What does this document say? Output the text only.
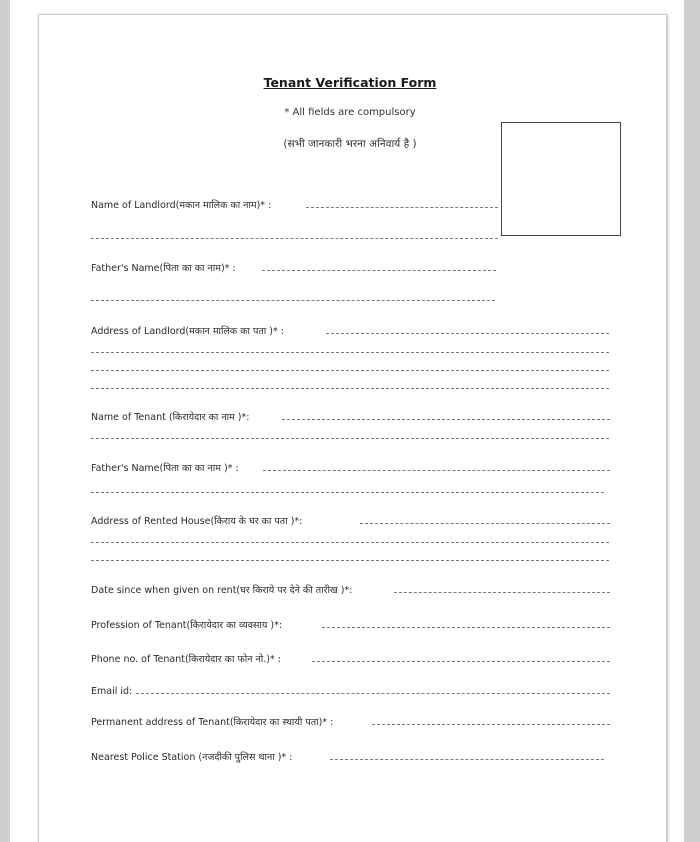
Tenant Verification Form
* All fields are compulsory
(सभी जानकारी भरना अनिवार्य है )
Name of Landlord(मकान मालिक का नाम)* :
Father's Name(पिता का का नाम)* :
Address of Landlord(मकान मालिक का पता )* :
Name of Tenant (किरायेदार का नाम )*:
Father's Name(पिता का का नाम )* :
Address of Rented House(किराय के घर का पता )*:
Date since when given on rent(घर किराये पर देने की तारीख )*:
Profession of Tenant(किरायेदार का व्यवसाय )*:
Phone no. of Tenant(किरायेदार का फोन नो.)* :
Email id:
Permanent address of Tenant(किरायेदार का स्थायी पता)* :
Nearest Police Station (नजदीकी पुलिस थाना )* :
